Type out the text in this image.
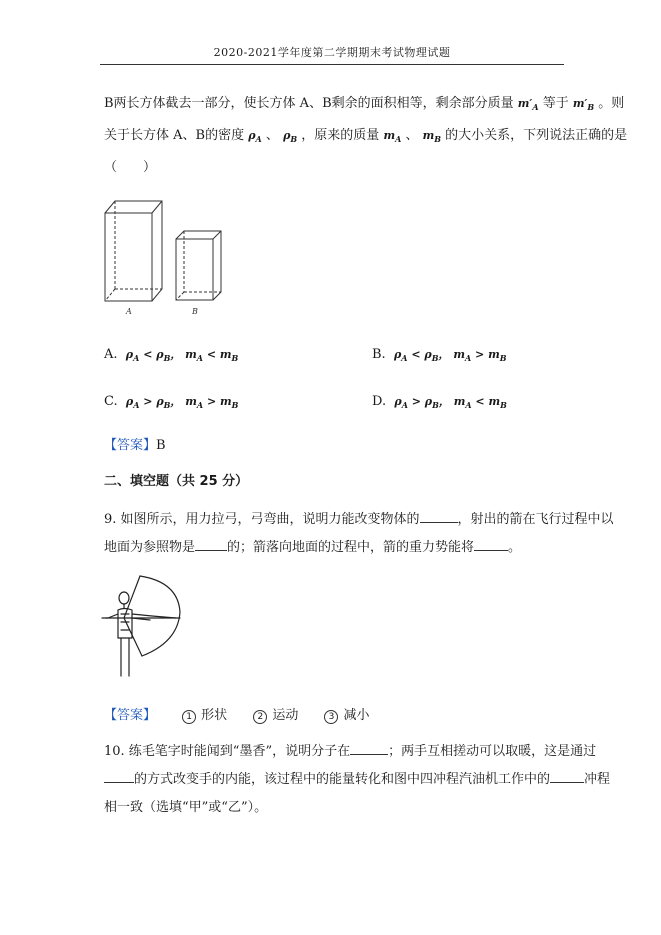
2020-2021学年度第二学期期末考试物理试题
B两长方体截去一部分，使长方体 A、B剩余的面积相等，剩余部分质量 $m'_A$ 等于 $m'_B$ 。则
关于长方体 A、B的密度 $\rho_A$ 、 $\rho_B$ ，原来的质量 $m_A$ 、 $m_B$ 的大小关系，下列说法正确的是
（　　）
A	B
A. $\rho_A < \rho_B$， $m_A < m_B$	B. $\rho_A < \rho_B$， $m_A > m_B$
C. $\rho_A > \rho_B$， $m_A > m_B$	D. $\rho_A > \rho_B$， $m_A < m_B$
【答案】B
二、填空题（共 25 分）
9. 如图所示，用力拉弓，弓弯曲，说明力能改变物体的	，射出的箭在飞行过程中以
地面为参照物是 的；箭落向地面的过程中，箭的重力势能将	。
【答案】	1 形状	2 运动	3 减小
10. 练毛笔字时能闻到“墨香”，说明分子在	；两手互相搓动可以取暖，这是通过
的方式改变手的内能，该过程中的能量转化和图中四冲程汽油机工作中的	冲程
相一致（选填“甲”或“乙”）。
